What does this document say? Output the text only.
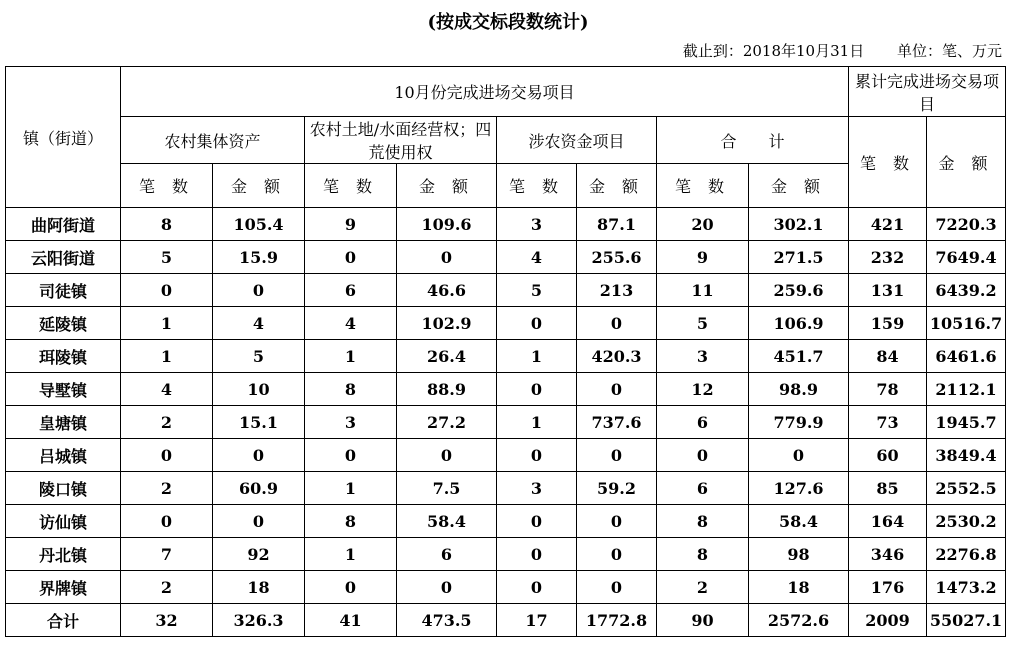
(按成交标段数统计)
截止到：2018年10月31日 单位：笔、万元
镇（街道）	10月份完成进场交易项目								累计完成进场交易项目	
	农村集体资产		农村土地/水面经营权；四荒使用权		涉农资金项目		合　　计		笔 数	金 额
	笔 数	金 额	笔 数	金 额	笔 数	金 额	笔 数	金 额		
曲阿街道	8	105.4	9	109.6	3	87.1	20	302.1	421	7220.3
云阳街道	5	15.9	0	0	4	255.6	9	271.5	232	7649.4
司徒镇	0	0	6	46.6	5	213	11	259.6	131	6439.2
延陵镇	1	4	4	102.9	0	0	5	106.9	159	10516.7
珥陵镇	1	5	1	26.4	1	420.3	3	451.7	84	6461.6
导墅镇	4	10	8	88.9	0	0	12	98.9	78	2112.1
皇塘镇	2	15.1	3	27.2	1	737.6	6	779.9	73	1945.7
吕城镇	0	0	0	0	0	0	0	0	60	3849.4
陵口镇	2	60.9	1	7.5	3	59.2	6	127.6	85	2552.5
访仙镇	0	0	8	58.4	0	0	8	58.4	164	2530.2
丹北镇	7	92	1	6	0	0	8	98	346	2276.8
界牌镇	2	18	0	0	0	0	2	18	176	1473.2
合计	32	326.3	41	473.5	17	1772.8	90	2572.6	2009	55027.1
